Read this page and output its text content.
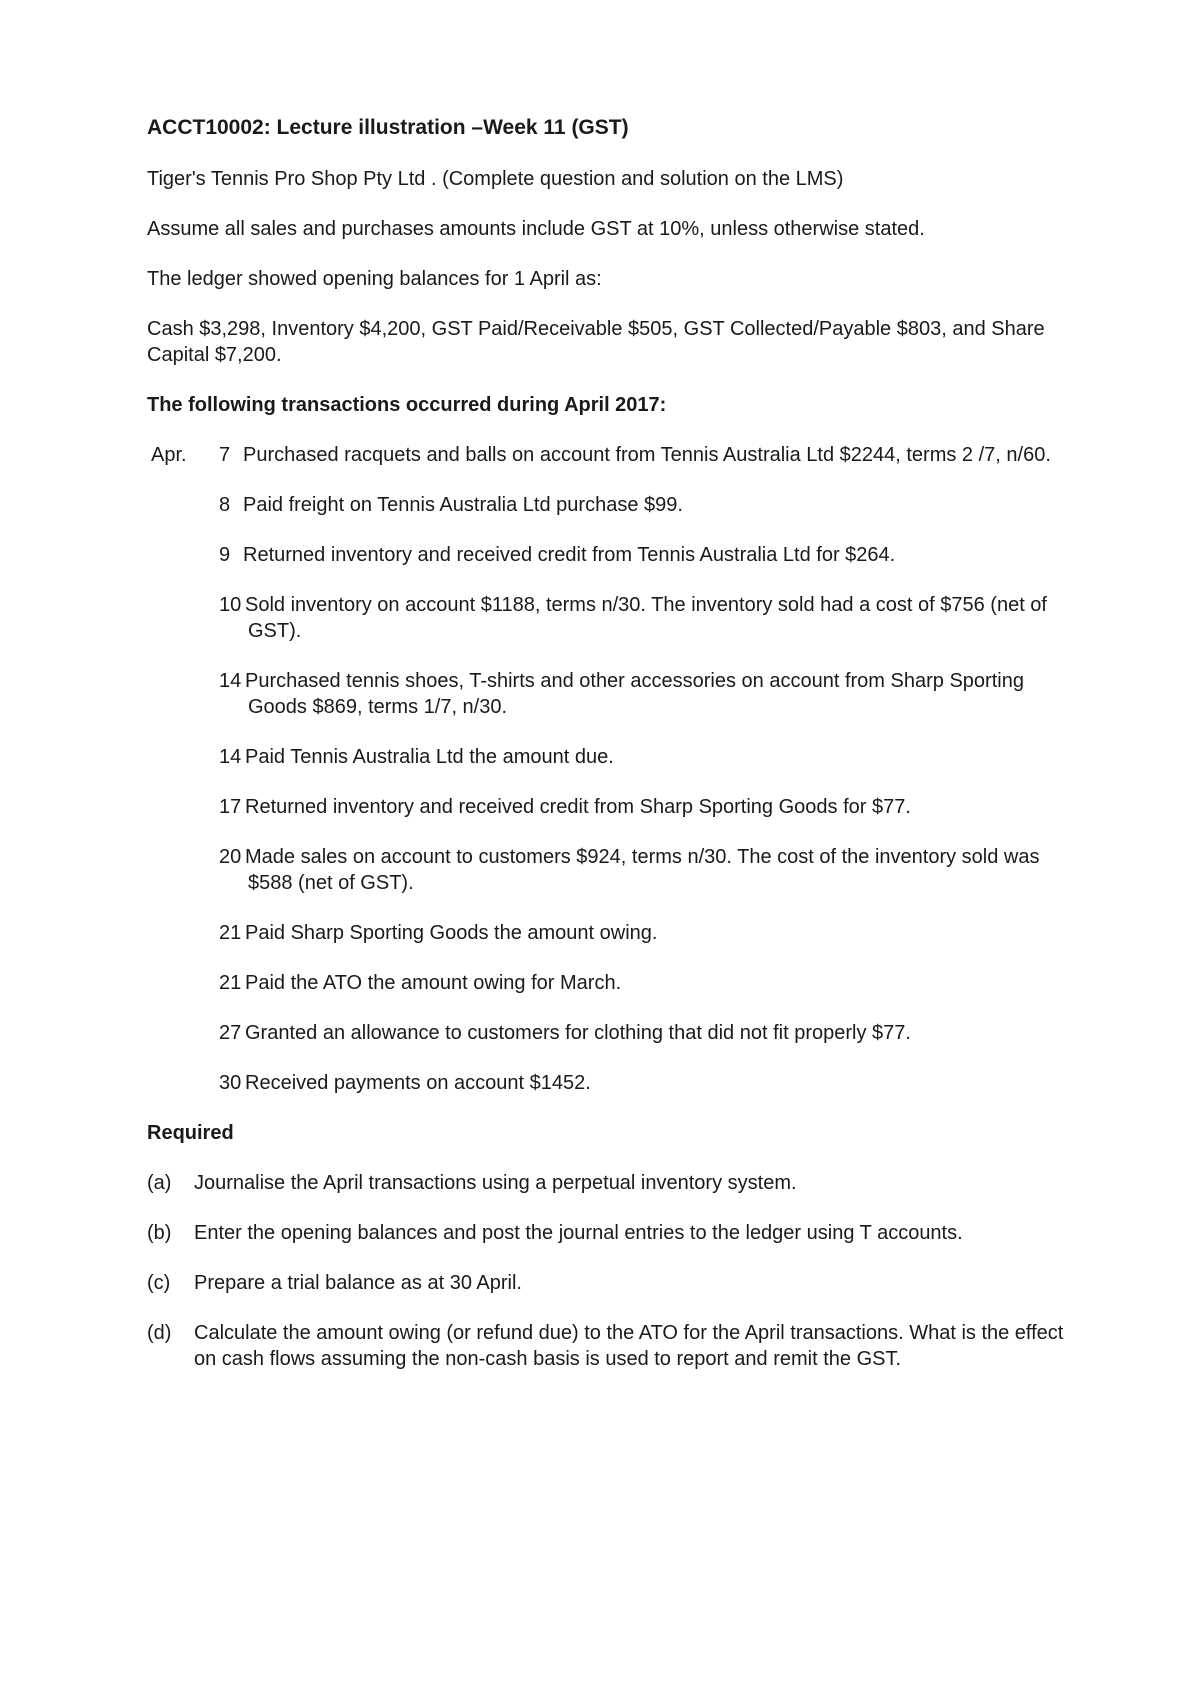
ACCT10002: Lecture illustration –Week 11 (GST)
Tiger's Tennis Pro Shop Pty Ltd . (Complete question and solution on the LMS)
Assume all sales and purchases amounts include GST at 10%, unless otherwise stated.
The ledger showed opening balances for 1 April as:
Cash $3,298, Inventory $4,200, GST Paid/Receivable $505, GST Collected/Payable $803, and Share Capital $7,200.
The following transactions occurred during April 2017:
Apr. 7 Purchased racquets and balls on account from Tennis Australia Ltd $2244, terms 2 /7, n/60.
8 Paid freight on Tennis Australia Ltd purchase $99.
9 Returned inventory and received credit from Tennis Australia Ltd for $264.
10 Sold inventory on account $1188, terms n/30. The inventory sold had a cost of $756 (net of GST).
14 Purchased tennis shoes, T-shirts and other accessories on account from Sharp Sporting Goods $869, terms 1/7, n/30.
14 Paid Tennis Australia Ltd the amount due.
17 Returned inventory and received credit from Sharp Sporting Goods for $77.
20 Made sales on account to customers $924, terms n/30. The cost of the inventory sold was $588 (net of GST).
21 Paid Sharp Sporting Goods the amount owing.
21 Paid the ATO the amount owing for March.
27 Granted an allowance to customers for clothing that did not fit properly $77.
30 Received payments on account $1452.
Required
(a) Journalise the April transactions using a perpetual inventory system.
(b) Enter the opening balances and post the journal entries to the ledger using T accounts.
(c) Prepare a trial balance as at 30 April.
(d) Calculate the amount owing (or refund due) to the ATO for the April transactions. What is the effect on cash flows assuming the non-cash basis is used to report and remit the GST.
